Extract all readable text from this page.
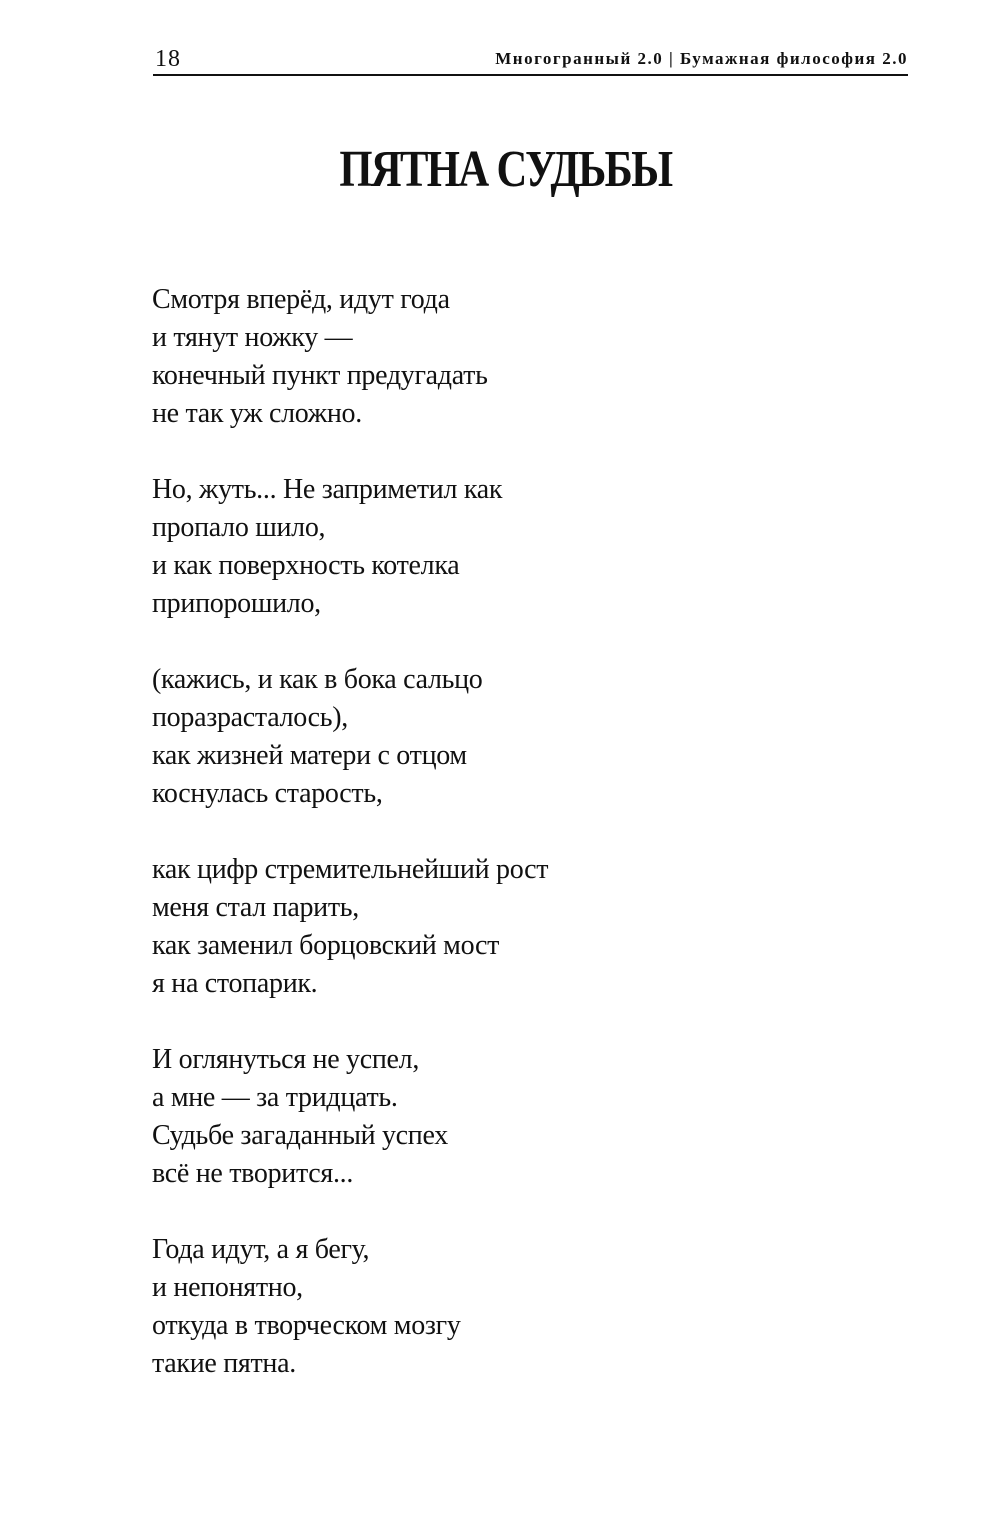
18	Многогранный 2.0 | Бумажная философия 2.0
ПЯТНА СУДЬБЫ
Смотря вперёд, идут года
и тянут ножку —
конечный пункт предугадать
не так уж сложно.
Но, жуть... Не заприметил как
пропало шило,
и как поверхность котелка
припорошило,
(кажись, и как в бока сальцо
поразрасталось),
как жизней матери с отцом
коснулась старость,
как цифр стремительнейший рост
меня стал парить,
как заменил борцовский мост
я на стопарик.
И оглянуться не успел,
а мне — за тридцать.
Судьбе загаданный успех
всё не творится...
Года идут, а я бегу,
и непонятно,
откуда в творческом мозгу
такие пятна.
